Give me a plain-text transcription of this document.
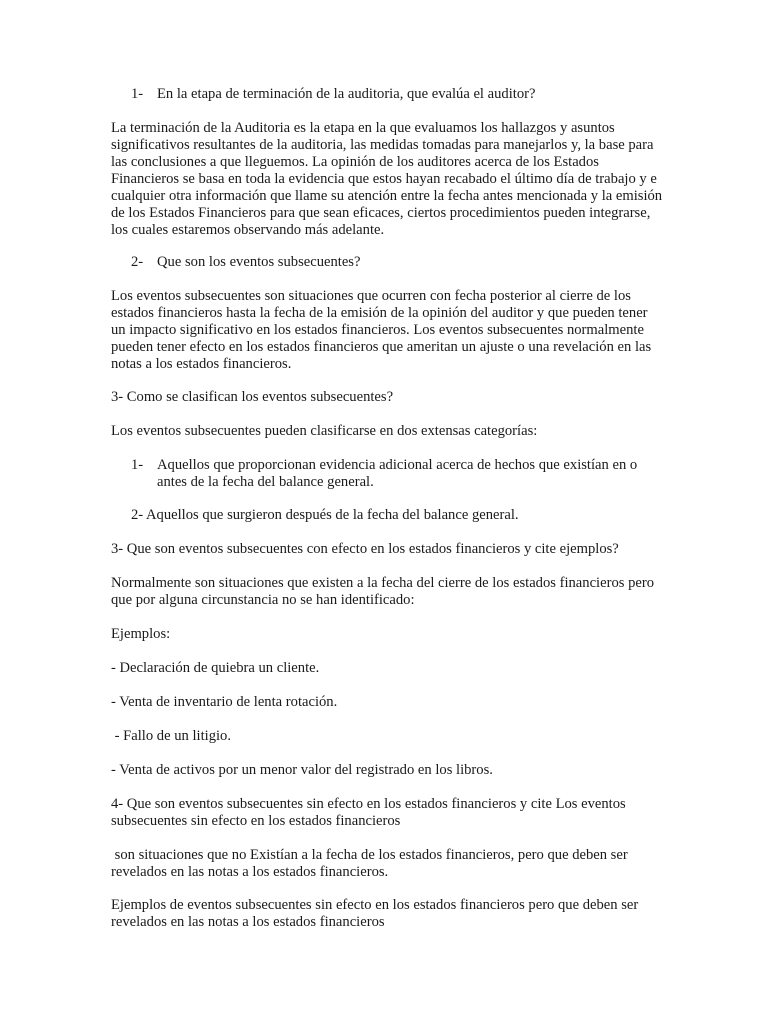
1- En la etapa de terminación de la auditoria, que evalúa el auditor?

La terminación de la Auditoria es la etapa en la que evaluamos los hallazgos y asuntos significativos resultantes de la auditoria, las medidas tomadas para manejarlos y, la base para las conclusiones a que lleguemos. La opinión de los auditores acerca de los Estados Financieros se basa en toda la evidencia que estos hayan recabado el último día de trabajo y e cualquier otra información que llame su atención entre la fecha antes mencionada y la emisión de los Estados Financieros para que sean eficaces, ciertos procedimientos pueden integrarse, los cuales estaremos observando más adelante.

2- Que son los eventos subsecuentes?

Los eventos subsecuentes son situaciones que ocurren con fecha posterior al cierre de los estados financieros hasta la fecha de la emisión de la opinión del auditor y que pueden tener un impacto significativo en los estados financieros. Los eventos subsecuentes normalmente pueden tener efecto en los estados financieros que ameritan un ajuste o una revelación en las notas a los estados financieros.

3- Como se clasifican los eventos subsecuentes?

Los eventos subsecuentes pueden clasificarse en dos extensas categorías:

1- Aquellos que proporcionan evidencia adicional acerca de hechos que existían en o antes de la fecha del balance general.
2- Aquellos que surgieron después de la fecha del balance general.

3- Que son eventos subsecuentes con efecto en los estados financieros y cite ejemplos?

Normalmente son situaciones que existen a la fecha del cierre de los estados financieros pero que por alguna circunstancia no se han identificado:

Ejemplos:

- Declaración de quiebra un cliente.

- Venta de inventario de lenta rotación.

- Fallo de un litigio.

- Venta de activos por un menor valor del registrado en los libros.

4- Que son eventos subsecuentes sin efecto en los estados financieros y cite Los eventos subsecuentes sin efecto en los estados financieros

son situaciones que no Existían a la fecha de los estados financieros, pero que deben ser revelados en las notas a los estados financieros.

Ejemplos de eventos subsecuentes sin efecto en los estados financieros pero que deben ser revelados en las notas a los estados financieros
